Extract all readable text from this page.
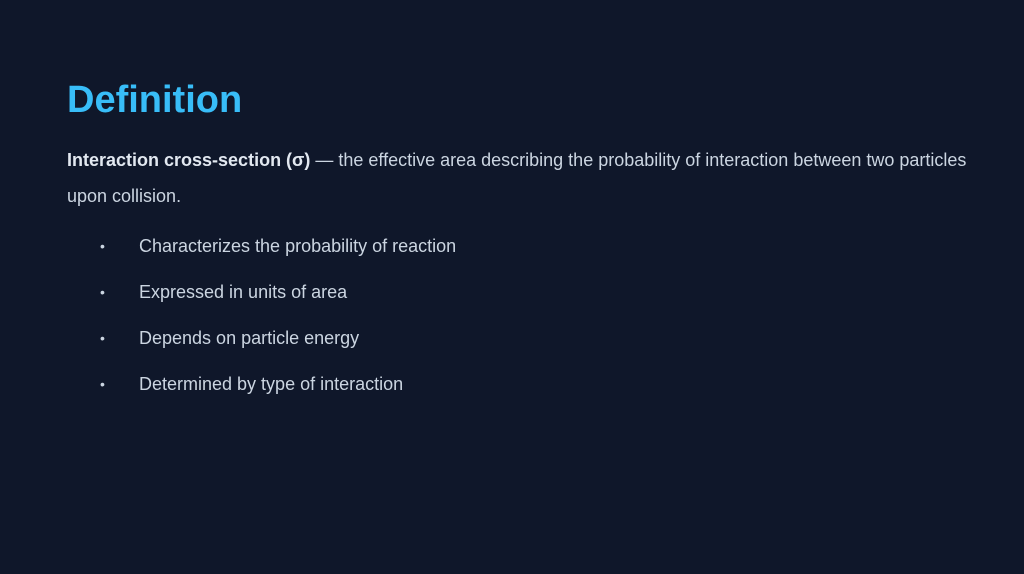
Definition

Interaction cross-section (σ) — the effective area describing the probability of interaction between two particles upon collision.

• Characterizes the probability of reaction
• Expressed in units of area
• Depends on particle energy
• Determined by type of interaction
